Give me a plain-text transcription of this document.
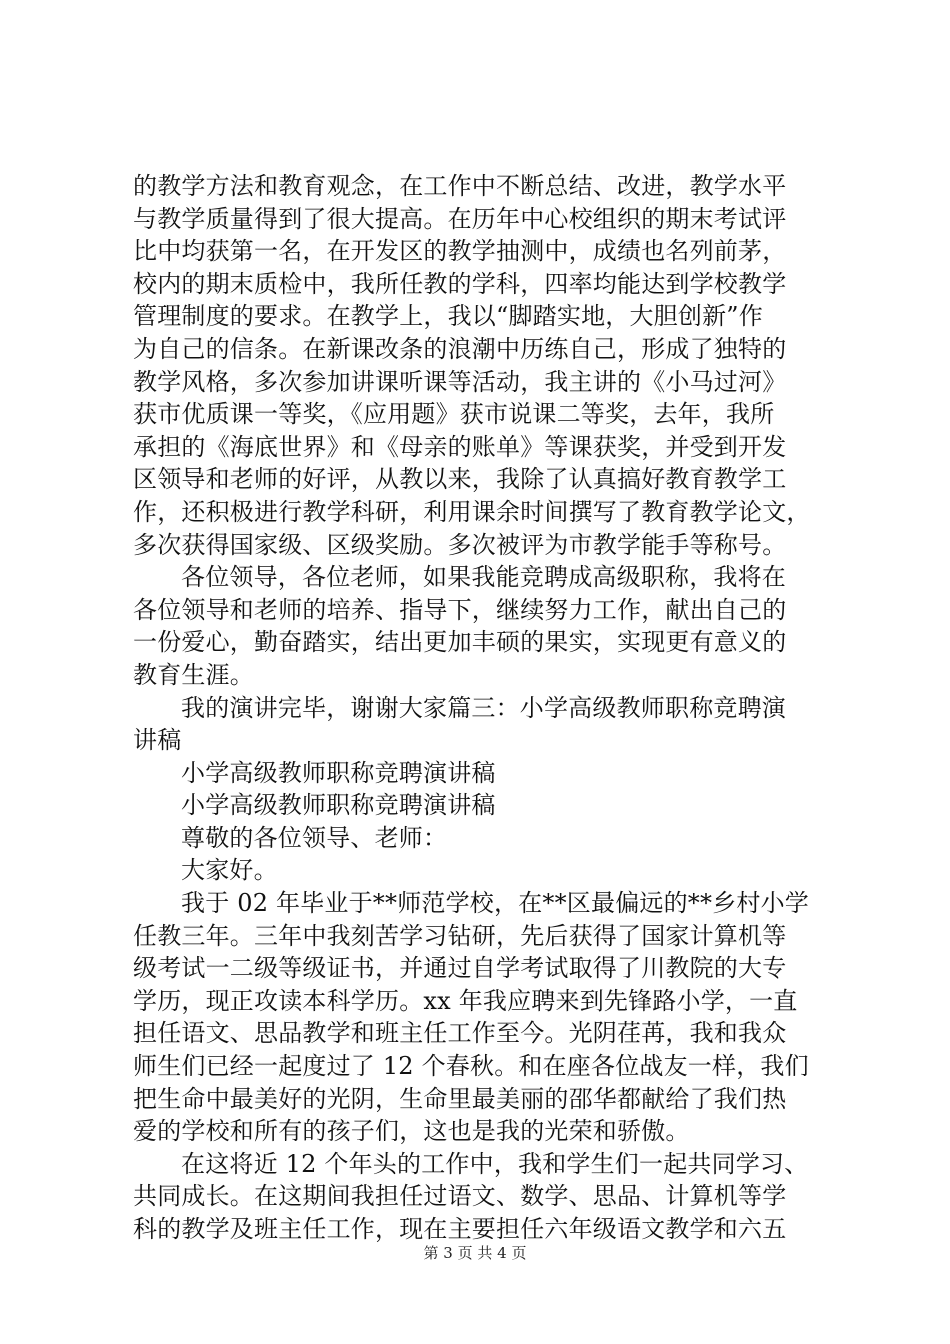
的教学方法和教育观念，在工作中不断总结、改进，教学水平
与教学质量得到了很大提高。在历年中心校组织的期末考试评
比中均获第一名，在开发区的教学抽测中，成绩也名列前茅，
校内的期末质检中，我所任教的学科，四率均能达到学校教学
管理制度的要求。在教学上，我以“脚踏实地，大胆创新”作
为自己的信条。在新课改条的浪潮中历练自己，形成了独特的
教学风格，多次参加讲课听课等活动，我主讲的《小马过河》
获市优质课一等奖，《应用题》获市说课二等奖，去年，我所
承担的《海底世界》和《母亲的账单》等课获奖，并受到开发
区领导和老师的好评，从教以来，我除了认真搞好教育教学工
作，还积极进行教学科研，利用课余时间撰写了教育教学论文，
多次获得国家级、区级奖励。多次被评为市教学能手等称号。
各位领导，各位老师，如果我能竞聘成高级职称，我将在
各位领导和老师的培养、指导下，继续努力工作，献出自己的
一份爱心，勤奋踏实，结出更加丰硕的果实，实现更有意义的
教育生涯。
我的演讲完毕，谢谢大家篇三：小学高级教师职称竞聘演
讲稿
小学高级教师职称竞聘演讲稿
小学高级教师职称竞聘演讲稿
尊敬的各位领导、老师：
大家好。
我于 02 年毕业于**师范学校，在**区最偏远的**乡村小学
任教三年。三年中我刻苦学习钻研，先后获得了国家计算机等
级考试一二级等级证书，并通过自学考试取得了川教院的大专
学历，现正攻读本科学历。xx 年我应聘来到先锋路小学，一直
担任语文、思品教学和班主任工作至今。光阴荏苒，我和我众
师生们已经一起度过了 12 个春秋。和在座各位战友一样，我们
把生命中最美好的光阴，生命里最美丽的邵华都献给了我们热
爱的学校和所有的孩子们，这也是我的光荣和骄傲。
在这将近 12 个年头的工作中，我和学生们一起共同学习、
共同成长。在这期间我担任过语文、数学、思品、计算机等学
科的教学及班主任工作，现在主要担任六年级语文教学和六五
第 3 页 共 4 页
